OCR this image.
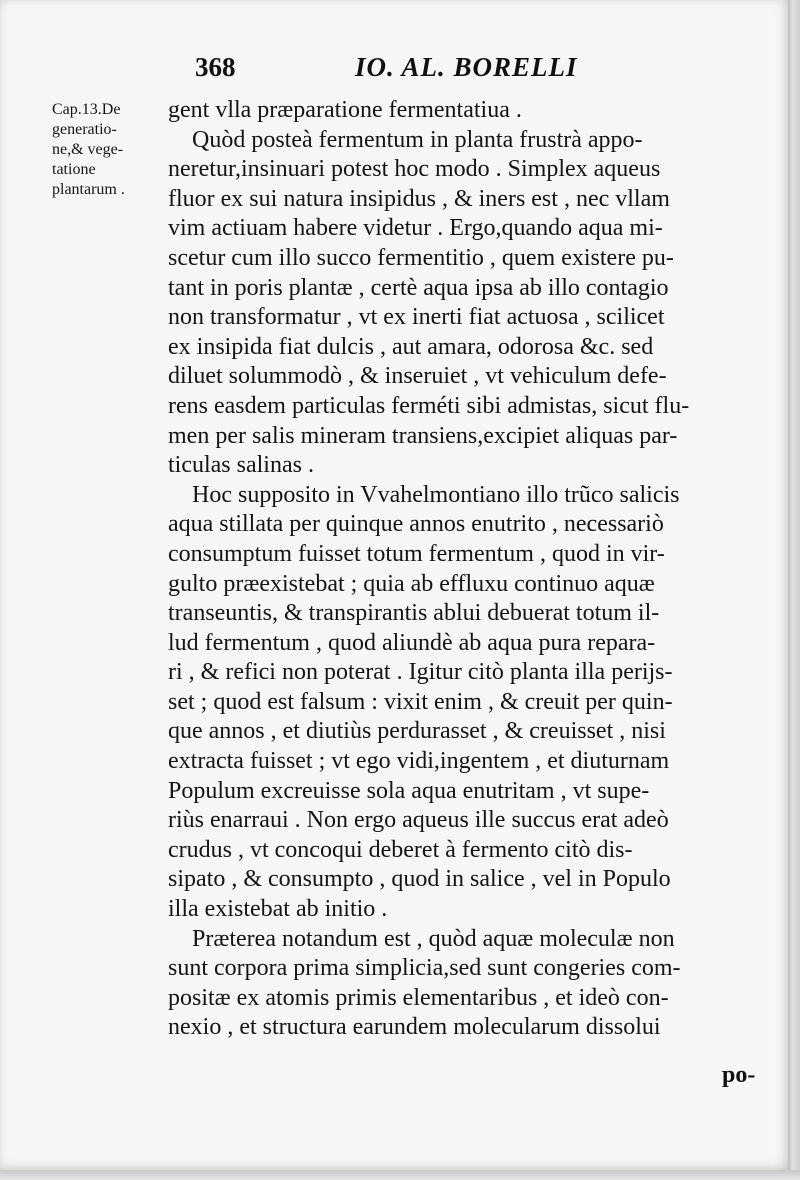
368	IO. AL. BORELLI
Cap.13.De
generatio-
ne,& vege-
tatione
plantarum .
gent vlla præparatione fermentatiua .
Quòd posteà fermentum in planta frustrà appo-
neretur,insinuari potest hoc modo . Simplex aqueus
fluor ex sui natura insipidus , & iners est , nec vllam
vim actiuam habere videtur . Ergo,quando aqua mi-
scetur cum illo succo fermentitio , quem existere pu-
tant in poris plantæ , certè aqua ipsa ab illo contagio
non transformatur , vt ex inerti fiat actuosa , scilicet
ex insipida fiat dulcis , aut amara, odorosa &c. sed
diluet solummodò , & inseruiet , vt vehiculum defe-
rens easdem particulas ferméti sibi admistas, sicut flu-
men per salis mineram transiens,excipiet aliquas par-
ticulas salinas .
Hoc supposito in Vvahelmontiano illo trũco salicis
aqua stillata per quinque annos enutrito , necessariò
consumptum fuisset totum fermentum , quod in vir-
gulto præexistebat ; quia ab effluxu continuo aquæ
transeuntis, & transpirantis ablui debuerat totum il-
lud fermentum , quod aliundè ab aqua pura repara-
ri , & refici non poterat . Igitur citò planta illa perijs-
set ; quod est falsum : vixit enim , & creuit per quin-
que annos , et diutiùs perdurasset , & creuisset , nisi
extracta fuisset ; vt ego vidi,ingentem , et diuturnam
Populum excreuisse sola aqua enutritam , vt supe-
riùs enarraui . Non ergo aqueus ille succus erat adeò
crudus , vt concoqui deberet à fermento citò dis-
sipato , & consumpto , quod in salice , vel in Populo
illa existebat ab initio .
Præterea notandum est , quòd aquæ moleculæ non
sunt corpora prima simplicia,sed sunt congeries com-
positæ ex atomis primis elementaribus , et ideò con-
nexio , et structura earundem molecularum dissolui
po-
